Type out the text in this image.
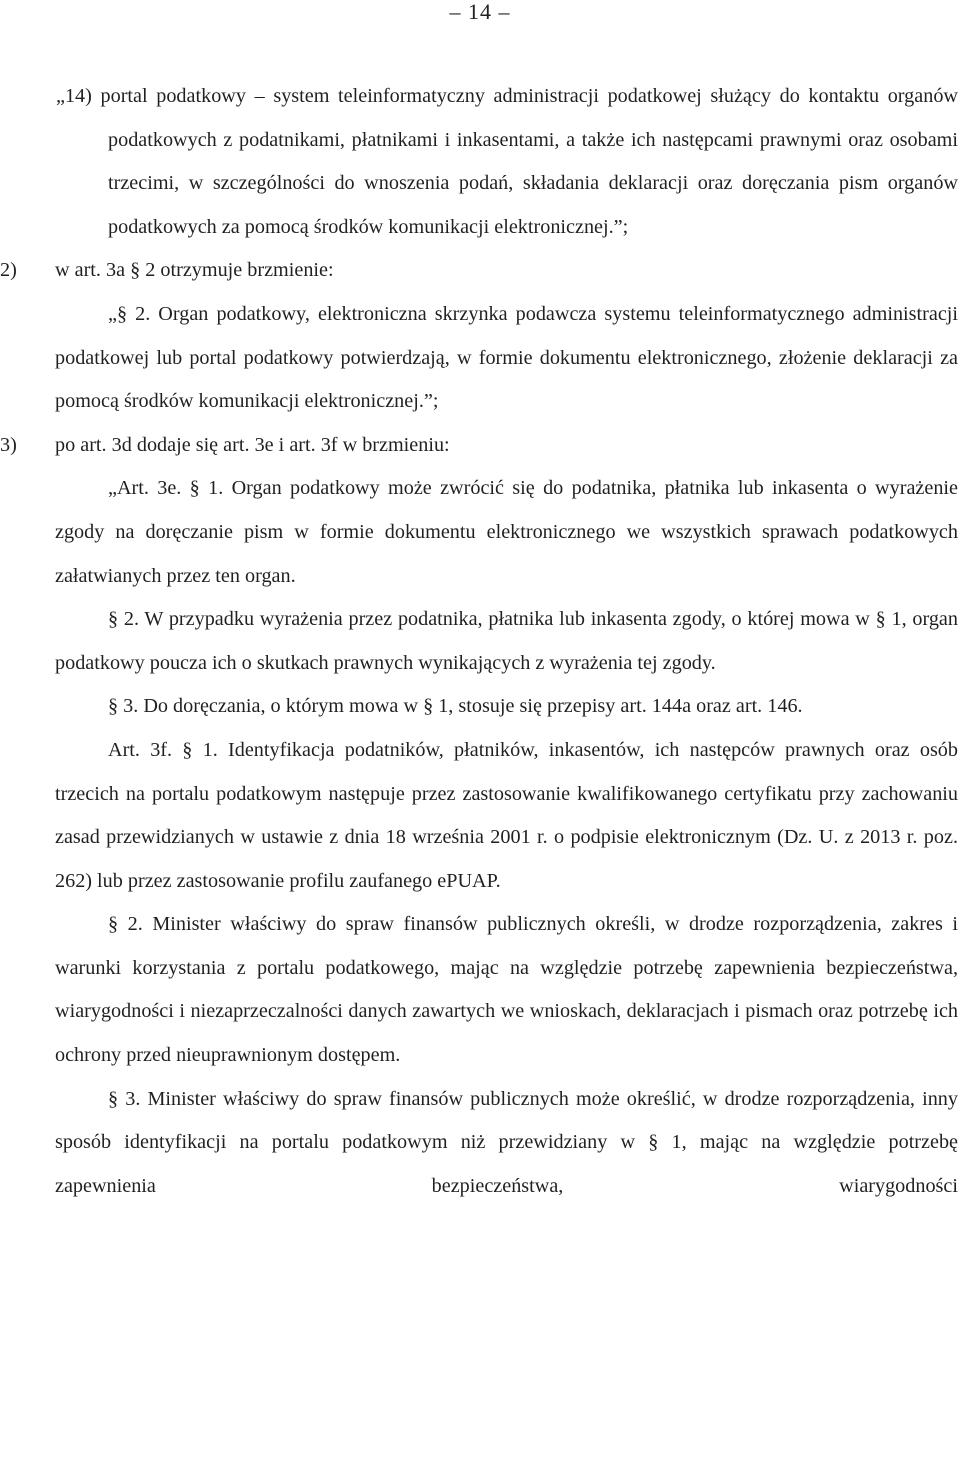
– 14 –

„14) portal podatkowy – system teleinformatyczny administracji podatkowej służący do kontaktu organów podatkowych z podatnikami, płatnikami i inkasentami, a także ich następcami prawnymi oraz osobami trzecimi, w szczególności do wnoszenia podań, składania deklaracji oraz doręczania pism organów podatkowych za pomocą środków komunikacji elektronicznej.”;

2) w art. 3a § 2 otrzymuje brzmienie:

„§ 2. Organ podatkowy, elektroniczna skrzynka podawcza systemu teleinformatycznego administracji podatkowej lub portal podatkowy potwierdzają, w formie dokumentu elektronicznego, złożenie deklaracji za pomocą środków komunikacji elektronicznej.”;

3) po art. 3d dodaje się art. 3e i art. 3f w brzmieniu:

„Art. 3e. § 1. Organ podatkowy może zwrócić się do podatnika, płatnika lub inkasenta o wyrażenie zgody na doręczanie pism w formie dokumentu elektronicznego we wszystkich sprawach podatkowych załatwianych przez ten organ.

§ 2. W przypadku wyrażenia przez podatnika, płatnika lub inkasenta zgody, o której mowa w § 1, organ podatkowy poucza ich o skutkach prawnych wynikających z wyrażenia tej zgody.

§ 3. Do doręczania, o którym mowa w § 1, stosuje się przepisy art. 144a oraz art. 146.

Art. 3f. § 1. Identyfikacja podatników, płatników, inkasentów, ich następców prawnych oraz osób trzecich na portalu podatkowym następuje przez zastosowanie kwalifikowanego certyfikatu przy zachowaniu zasad przewidzianych w ustawie z dnia 18 września 2001 r. o podpisie elektronicznym (Dz. U. z 2013 r. poz. 262) lub przez zastosowanie profilu zaufanego ePUAP.

§ 2. Minister właściwy do spraw finansów publicznych określi, w drodze rozporządzenia, zakres i warunki korzystania z portalu podatkowego, mając na względzie potrzebę zapewnienia bezpieczeństwa, wiarygodności i niezaprzeczalności danych zawartych we wnioskach, deklaracjach i pismach oraz potrzebę ich ochrony przed nieuprawnionym dostępem.

§ 3. Minister właściwy do spraw finansów publicznych może określić, w drodze rozporządzenia, inny sposób identyfikacji na portalu podatkowym niż przewidziany w § 1, mając na względzie potrzebę zapewnienia bezpieczeństwa, wiarygodności
